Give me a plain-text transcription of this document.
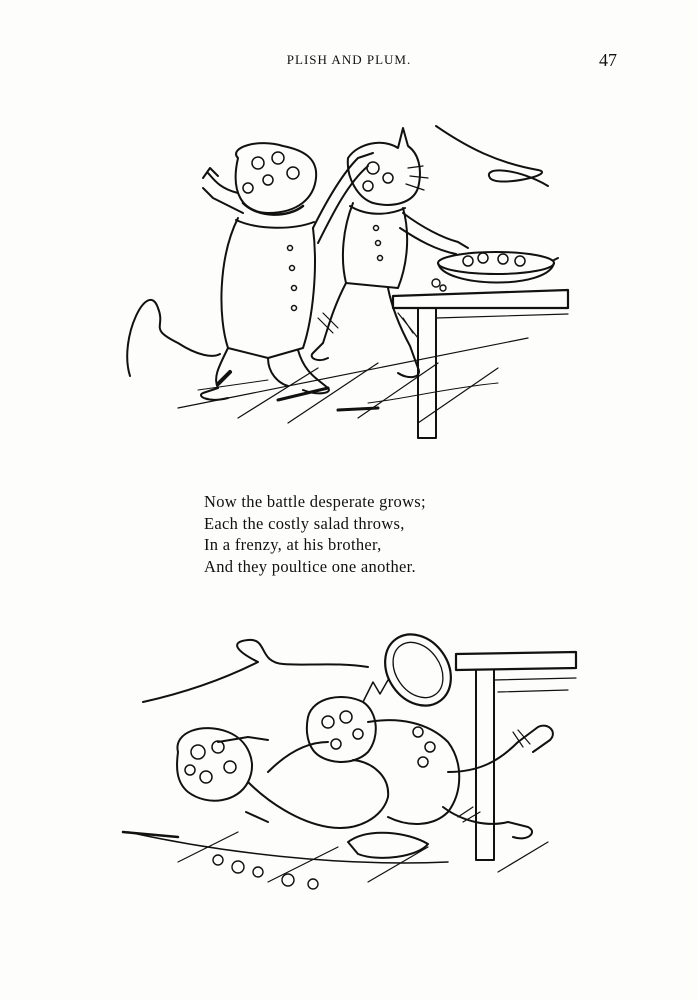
PLISH AND PLUM.	47
Now the battle desperate grows;
Each the costly salad throws,
In a frenzy, at his brother,
And they poultice one another.
